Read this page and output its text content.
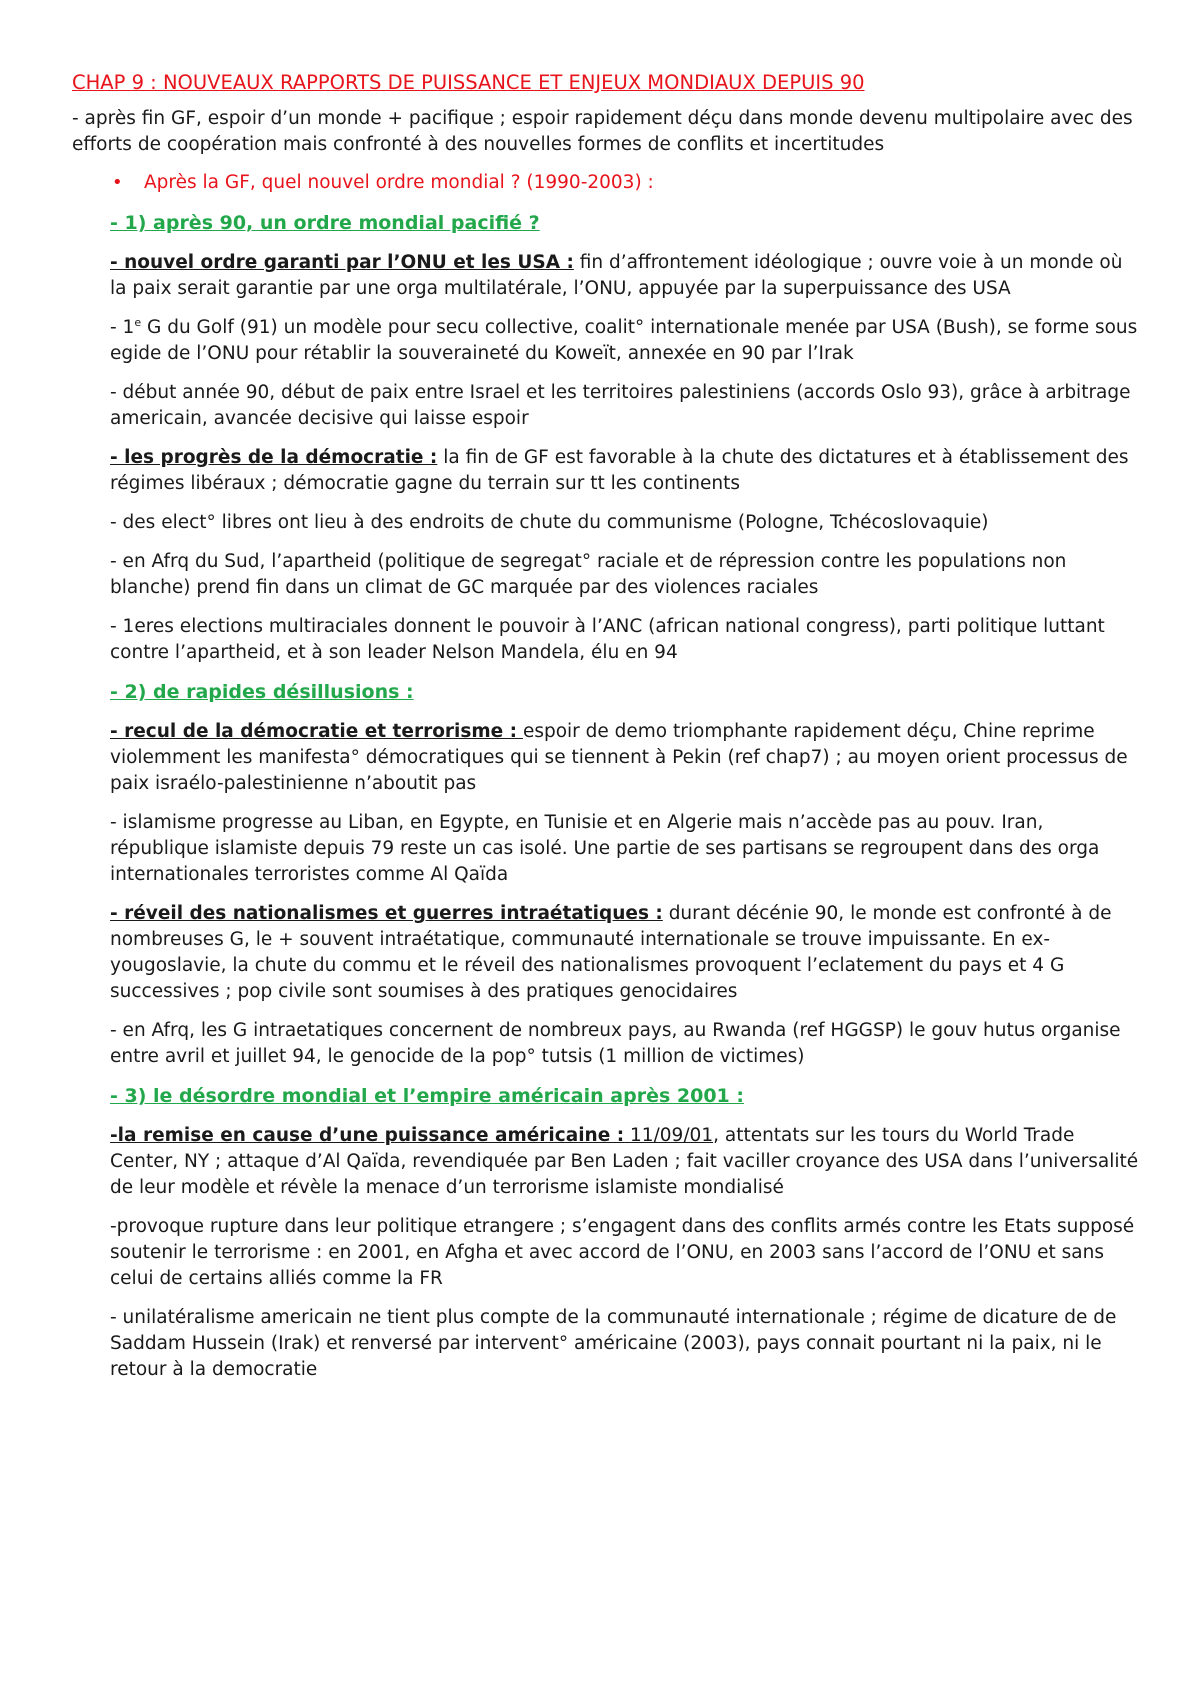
CHAP 9 : NOUVEAUX RAPPORTS DE PUISSANCE ET ENJEUX MONDIAUX DEPUIS 90

- après fin GF, espoir d’un monde + pacifique ; espoir rapidement déçu dans monde devenu multipolaire avec des efforts de coopération mais confronté à des nouvelles formes de conflits et incertitudes

• Après la GF, quel nouvel ordre mondial ? (1990-2003) :
- 1) après 90, un ordre mondial pacifié ?

- nouvel ordre garanti par l’ONU et les USA : fin d’affrontement idéologique ; ouvre voie à un monde où la paix serait garantie par une orga multilatérale, l’ONU, appuyée par la superpuissance des USA

- 1e G du Golf (91) un modèle pour secu collective, coalit° internationale menée par USA (Bush), se forme sous egide de l’ONU pour rétablir la souveraineté du Koweït, annexée en 90 par l’Irak

- début année 90, début de paix entre Israel et les territoires palestiniens (accords Oslo 93), grâce à arbitrage americain, avancée decisive qui laisse espoir

- les progrès de la démocratie : la fin de GF est favorable à la chute des dictatures et à établissement des régimes libéraux ; démocratie gagne du terrain sur tt les continents

- des elect° libres ont lieu à des endroits de chute du communisme (Pologne, Tchécoslovaquie)

- en Afrq du Sud, l’apartheid (politique de segregat° raciale et de répression contre les populations non blanche) prend fin dans un climat de GC marquée par des violences raciales

- 1eres elections multiraciales donnent le pouvoir à l’ANC (african national congress), parti politique luttant contre l’apartheid, et à son leader Nelson Mandela, élu en 94

- 2) de rapides désillusions :

- recul de la démocratie et terrorisme : espoir de demo triomphante rapidement déçu, Chine reprime violemment les manifesta° démocratiques qui se tiennent à Pekin (ref chap7) ; au moyen orient processus de paix israélo-palestinienne n’aboutit pas

- islamisme progresse au Liban, en Egypte, en Tunisie et en Algerie mais n’accède pas au pouv. Iran, république islamiste depuis 79 reste un cas isolé. Une partie de ses partisans se regroupent dans des orga internationales terroristes comme Al Qaïda

- réveil des nationalismes et guerres intraétatiques : durant décénie 90, le monde est confronté à de nombreuses G, le + souvent intraétatique, communauté internationale se trouve impuissante. En ex-yougoslavie, la chute du commu et le réveil des nationalismes provoquent l’eclatement du pays et 4 G successives ; pop civile sont soumises à des pratiques genocidaires

- en Afrq, les G intraetatiques concernent de nombreux pays, au Rwanda (ref HGGSP) le gouv hutus organise entre avril et juillet 94, le genocide de la pop° tutsis (1 million de victimes)

- 3) le désordre mondial et l’empire américain après 2001 :

-la remise en cause d’une puissance américaine : 11/09/01, attentats sur les tours du World Trade Center, NY ; attaque d’Al Qaïda, revendiquée par Ben Laden ; fait vaciller croyance des USA dans l’universalité de leur modèle et révèle la menace d’un terrorisme islamiste mondialisé

-provoque rupture dans leur politique etrangere ; s’engagent dans des conflits armés contre les Etats supposé soutenir le terrorisme : en 2001, en Afgha et avec accord de l’ONU, en 2003 sans l’accord de l’ONU et sans celui de certains alliés comme la FR

- unilatéralisme americain ne tient plus compte de la communauté internationale ; régime de dicature de de Saddam Hussein (Irak) et renversé par intervent° américaine (2003), pays connait pourtant ni la paix, ni le retour à la democratie
